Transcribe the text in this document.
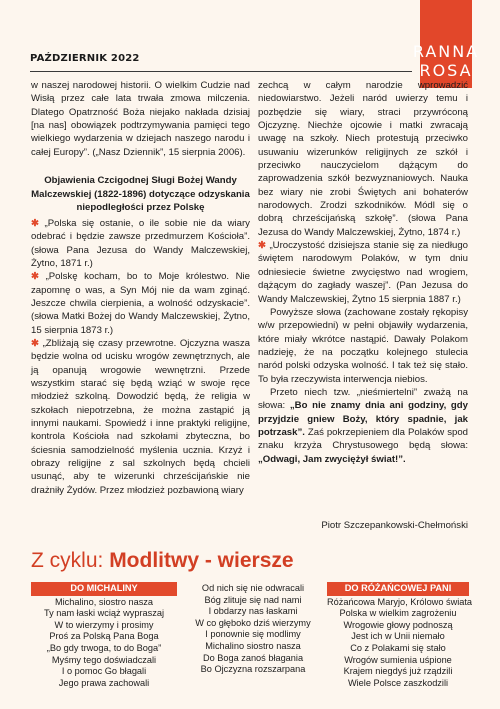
PAŹDZIERNIK 2022	RANNA
ROSA

w naszej narodowej historii. O wielkim Cudzie nad Wisłą przez całe lata trwała zmowa milczenia. Dlatego Opatrzność Boża niejako nakłada dzisiaj [na nas] obowiązek podtrzymywania pamięci tego wielkiego wydarzenia w dziejach naszego narodu i całej Europy”. („Nasz Dziennik”, 15 sierpnia 2006).

Objawienia Czcigodnej Sługi Bożej Wandy Malczewskiej (1822-1896) dotyczące odzyskania niepodległości przez Polskę

✱ „Polska się ostanie, o ile sobie nie da wiary odebrać i będzie zawsze przedmurzem Kościoła”. (słowa Pana Jezusa do Wandy Malczewskiej, Żytno, 1871 r.)

✱ „Polskę kocham, bo to Moje królestwo. Nie zapomnę o was, a Syn Mój nie da wam zginąć. Jeszcze chwila cierpienia, a wolność odzyskacie”. (słowa Matki Bożej do Wandy Malczewskiej, Żytno, 15 sierpnia 1873 r.)

✱ „Zbliżają się czasy przewrotne. Ojczyzna wasza będzie wolna od ucisku wrogów zewnętrznych, ale ją opanują wrogowie wewnętrzni. Przede wszystkim starać się będą wziąć w swoje ręce młodzież szkolną. Dowodzić będą, że religia w szkołach niepotrzebna, że można zastąpić ją innymi naukami. Spowiedź i inne praktyki religijne, kontrola Kościoła nad szkołami zbyteczna, bo ściesnia samodzielność myślenia ucznia. Krzyż i obrazy religijne z sal szkolnych będą chcieli usunąć, aby te wizerunki chrześcijańskie nie drażniły Żydów. Przez młodzież pozbawioną wiary

zechcą w całym narodzie wprowadzić niedowiarstwo. Jeżeli naród uwierzy temu i pozbędzie się wiary, straci przywróconą Ojczyznę. Niechże ojcowie i matki zwracają uwagę na szkoły. Niech protestują przeciwko usuwaniu wizerunków religijnych ze szkół i przeciwko nauczycielom dążącym do zaprowadzenia szkół bezwyznaniowych. Nauka bez wiary nie zrobi Świętych ani bohaterów narodowych. Zrodzi szkodników. Módl się o dobrą chrześcijańską szkołę”. (słowa Pana Jezusa do Wandy Malczewskiej, Żytno, 1874 r.)

✱ „Uroczystość dzisiejsza stanie się za niedługo świętem narodowym Polaków, w tym dniu odniesiecie świetne zwycięstwo nad wrogiem, dążącym do zagłady waszej”. (Pan Jezusa do Wandy Malczewskiej, Żytno 15 sierpnia 1887 r.)

Powyższe słowa (zachowane zostały rękopisy w/w przepowiedni) w pełni objawiły wydarzenia, które miały wkrótce nastąpić. Dawały Polakom nadzieję, że na początku kolejnego stulecia naród polski odzyska wolność. I tak też się stało. To była rzeczywista interwencja niebios.

Przeto niech tzw. „nieśmiertelni” zważą na słowa: „Bo nie znamy dnia ani godziny, gdy przyjdzie gniew Boży, który spadnie, jak potrzask”. Zaś pokrzepieniem dla Polaków spod znaku krzyża Chrystusowego będą słowa: „Odwagi, Jam zwyciężył świat!”.

Piotr Szczepankowski-Chełmoński
Z cyklu: Modlitwy - wiersze
DO MICHALINY
Michalino, siostro nasza
Ty nam łaski wciąż wypraszaj
W to wierzymy i prosimy
Proś za Polską Pana Boga
„Bo gdy trwoga, to do Boga”
Myśmy tego doświadczali
I o pomoc Go błagali
Jego prawa zachowali
Od nich się nie odwracali
Bóg zlituje się nad nami
I obdarzy nas łaskami
W co głęboko dziś wierzymy
I ponownie się modlimy
Michalino siostro nasza
Do Boga zanoś błagania
Bo Ojczyzna rozszarpana
DO RÓŻAŃCOWEJ PANI
Różańcowa Maryjo, Królowo świata
Polska w wielkim zagrożeniu
Wrogowie głowy podnoszą
Jest ich w Unii niemało
Co z Polakami się stało
Wrogów sumienia uśpione
Krajem niegdyś już rządzili
Wiele Polsce zaszkodzili
